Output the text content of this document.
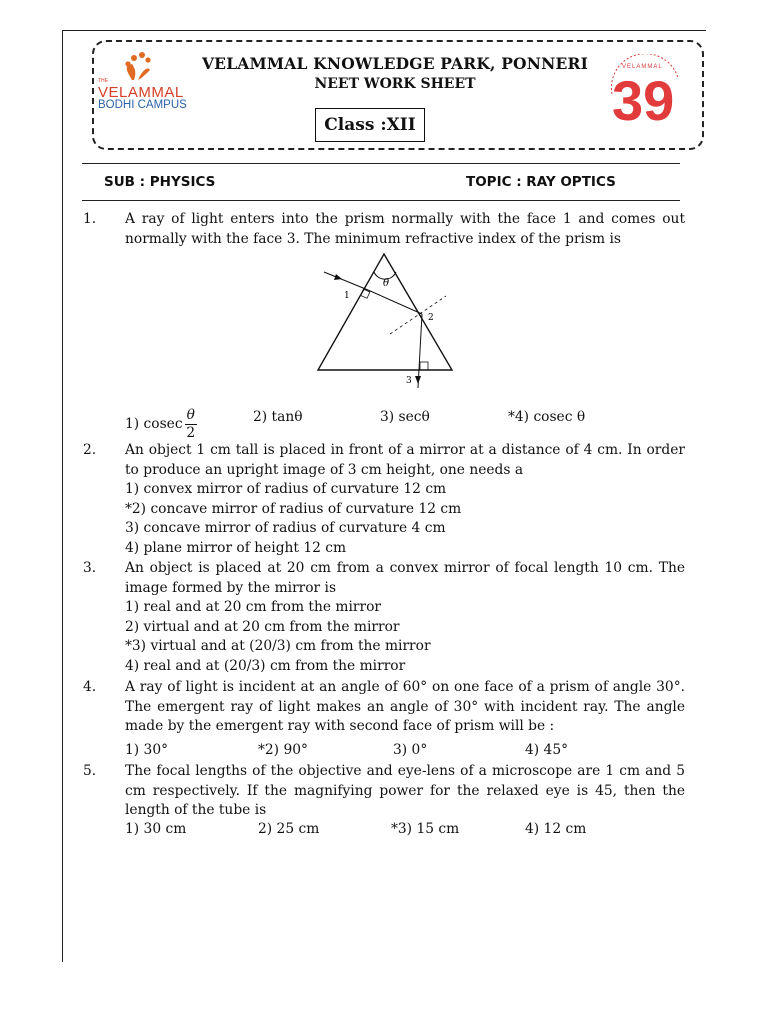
THE
VELAMMAL
BODHI CAMPUS
VELAMMAL KNOWLEDGE PARK, PONNERI
NEET WORK SHEET
Class :XII
VELAMMAL
39
SUB : PHYSICS	TOPIC : RAY OPTICS
1. A ray of light enters into the prism normally with the face 1 and comes out normally with the face 3. The minimum refractive index of the prism is
θ
1
2
3
1) cosec $\frac{\theta}{2}$	2) tanθ	3) secθ	*4) cosec θ
2. An object 1 cm tall is placed in front of a mirror at a distance of 4 cm. In order to produce an upright image of 3 cm height, one needs a
1) convex mirror of radius of curvature 12 cm
*2) concave mirror of radius of curvature 12 cm
3) concave mirror of radius of curvature 4 cm
4) plane mirror of height 12 cm
3. An object is placed at 20 cm from a convex mirror of focal length 10 cm. The image formed by the mirror is
1) real and at 20 cm from the mirror
2) virtual and at 20 cm from the mirror
*3) virtual and at (20/3) cm from the mirror
4) real and at (20/3) cm from the mirror
4. A ray of light is incident at an angle of 60° on one face of a prism of angle 30°. The emergent ray of light makes an angle of 30° with incident ray. The angle made by the emergent ray with second face of prism will be :
1) 30°	*2) 90°	3) 0°	4) 45°
5. The focal lengths of the objective and eye-lens of a microscope are 1 cm and 5 cm respectively. If the magnifying power for the relaxed eye is 45, then the length of the tube is
1) 30 cm	2) 25 cm	*3) 15 cm	4) 12 cm
